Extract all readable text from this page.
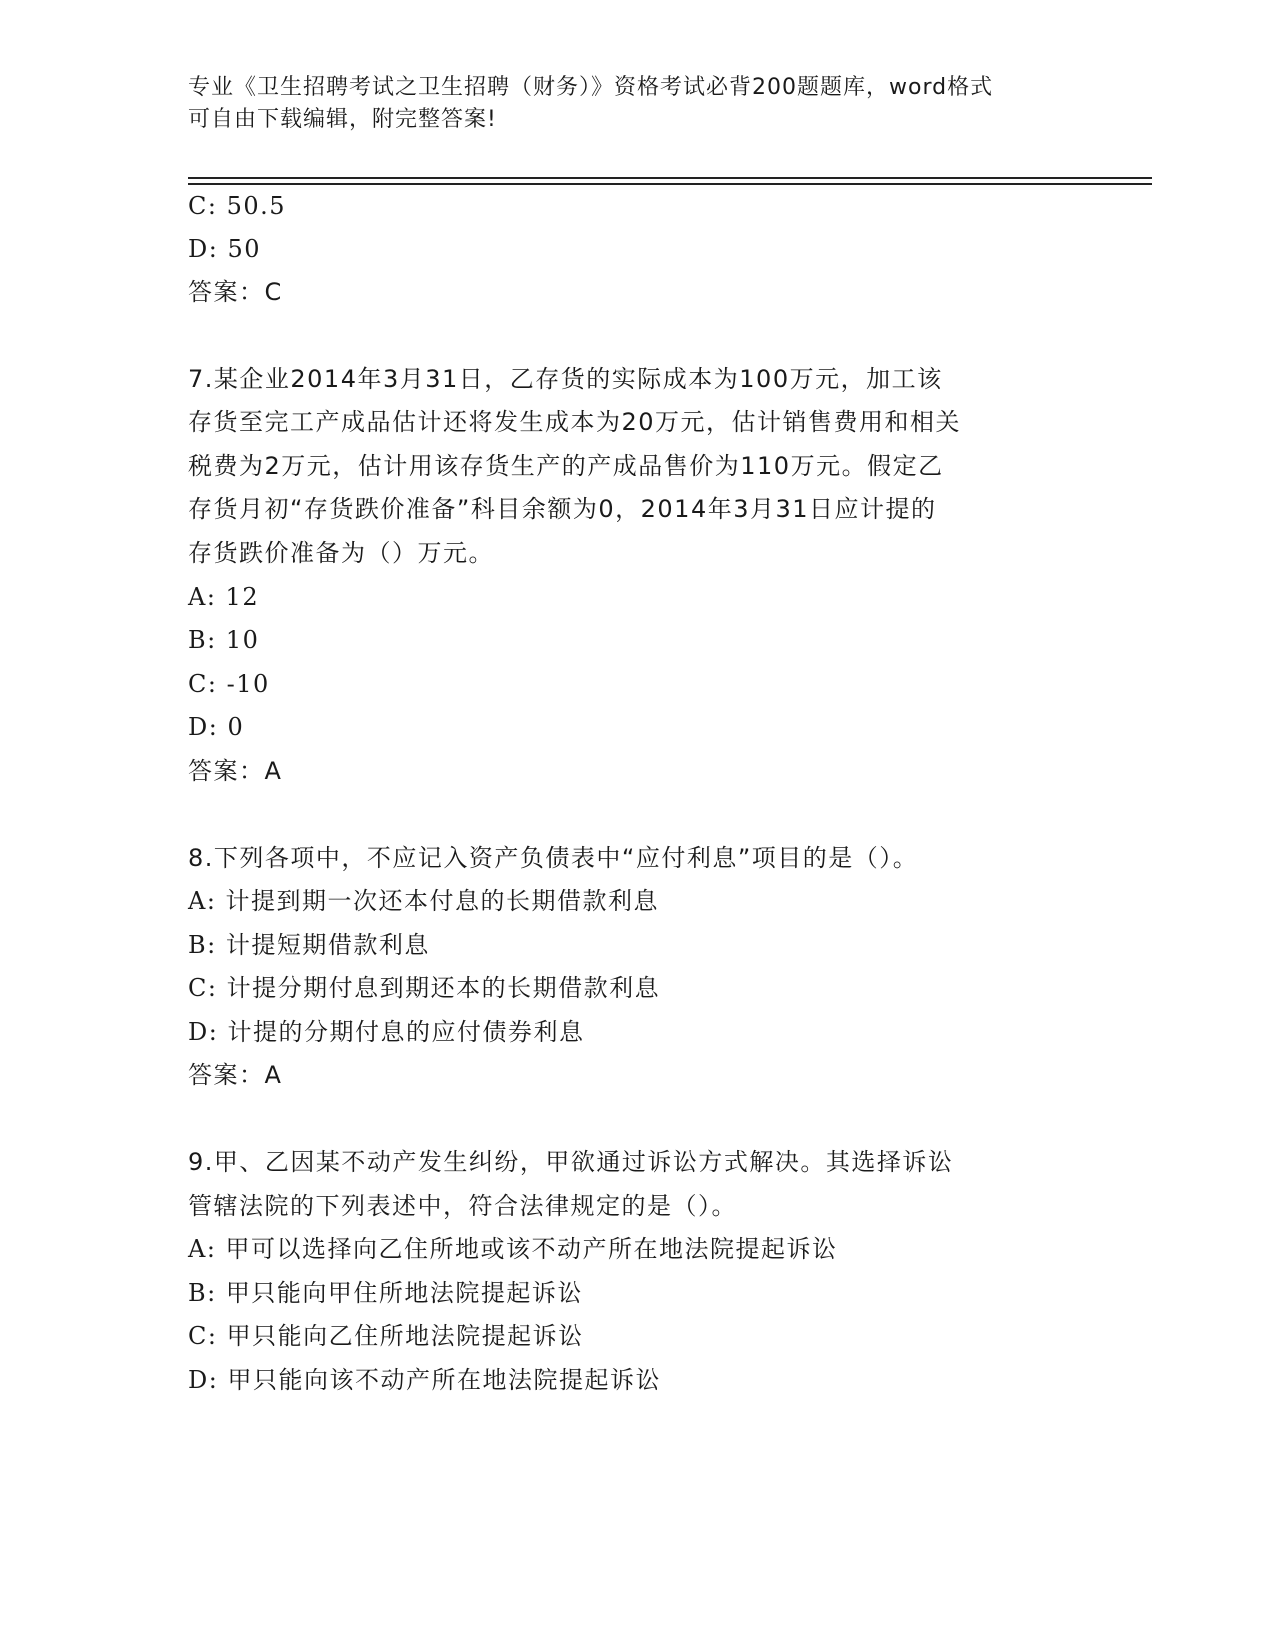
专业《卫生招聘考试之卫生招聘（财务）》资格考试必背200题题库，word格式
可自由下载编辑，附完整答案!
C: 50.5
D: 50
答案：C
7.某企业2014年3月31日，乙存货的实际成本为100万元，加工该
存货至完工产成品估计还将发生成本为20万元，估计销售费用和相关
税费为2万元，估计用该存货生产的产成品售价为110万元。假定乙
存货月初“存货跌价准备”科目余额为0，2014年3月31日应计提的
存货跌价准备为（）万元。
A: 12
B: 10
C: -10
D: 0
答案：A
8.下列各项中，不应记入资产负债表中“应付利息”项目的是（）。
A: 计提到期一次还本付息的长期借款利息
B: 计提短期借款利息
C: 计提分期付息到期还本的长期借款利息
D: 计提的分期付息的应付债券利息
答案：A
9.甲、乙因某不动产发生纠纷，甲欲通过诉讼方式解决。其选择诉讼
管辖法院的下列表述中，符合法律规定的是（）。
A: 甲可以选择向乙住所地或该不动产所在地法院提起诉讼
B: 甲只能向甲住所地法院提起诉讼
C: 甲只能向乙住所地法院提起诉讼
D: 甲只能向该不动产所在地法院提起诉讼
